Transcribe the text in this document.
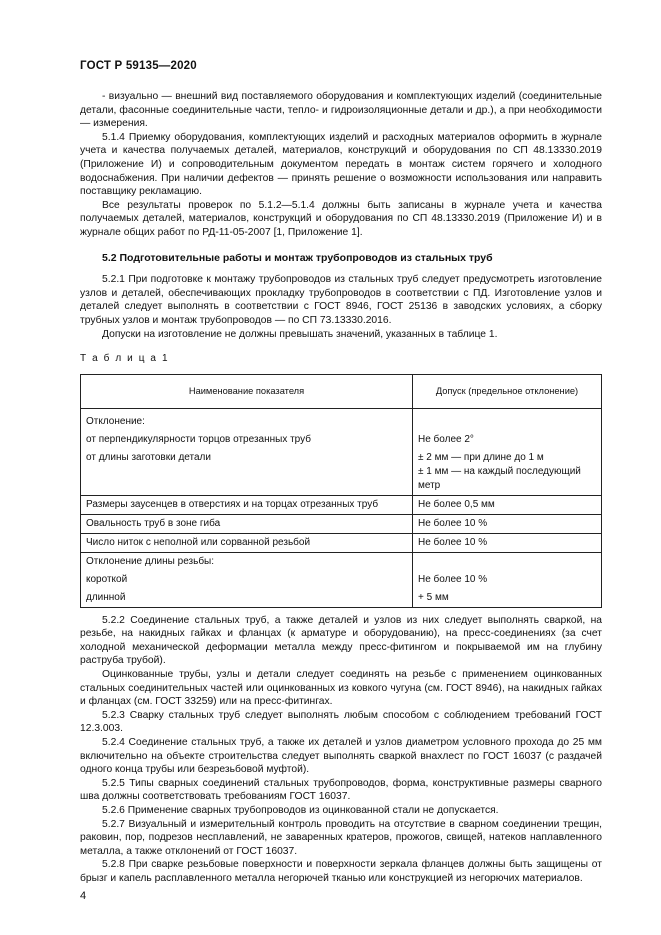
ГОСТ Р 59135—2020

- визуально — внешний вид поставляемого оборудования и комплектующих изделий (соединительные детали, фасонные соединительные части, тепло- и гидроизоляционные детали и др.), а при необходимости — измерения.

5.1.4 Приемку оборудования, комплектующих изделий и расходных материалов оформить в журнале учета и качества получаемых деталей, материалов, конструкций и оборудования по СП 48.13330.2019 (Приложение И) и сопроводительным документом передать в монтаж систем горячего и холодного водоснабжения. При наличии дефектов — принять решение о возможности использования или направить поставщику рекламацию.

Все результаты проверок по 5.1.2—5.1.4 должны быть записаны в журнале учета и качества получаемых деталей, материалов, конструкций и оборудования по СП 48.13330.2019 (Приложение И) и в журнале общих работ по РД-11-05-2007 [1, Приложение 1].

5.2 Подготовительные работы и монтаж трубопроводов из стальных труб

5.2.1 При подготовке к монтажу трубопроводов из стальных труб следует предусмотреть изготовление узлов и деталей, обеспечивающих прокладку трубопроводов в соответствии с ПД. Изготовление узлов и деталей следует выполнять в соответствии с ГОСТ 8946, ГОСТ 25136 в заводских условиях, а сборку трубных узлов и монтаж трубопроводов — по СП 73.13330.2016.

Допуски на изготовление не должны превышать значений, указанных в таблице 1.

Т а б л и ц а 1
Наименование показателя	Допуск (предельное отклонение)
Отклонение:	
от перпендикулярности торцов отрезанных труб	Не более 2°
от длины заготовки детали	± 2 мм — при длине до 1 м
± 1 мм — на каждый последующий метр

Размеры заусенцев в отверстиях и на торцах отрезанных труб	Не более 0,5 мм
Овальность труб в зоне гиба	Не более 10 %
Число ниток с неполной или сорванной резьбой	Не более 10 %
Отклонение длины резьбы:	
короткой	Не более 10 %
длинной	+ 5 мм

5.2.2 Соединение стальных труб, а также деталей и узлов из них следует выполнять сваркой, на резьбе, на накидных гайках и фланцах (к арматуре и оборудованию), на пресс-соединениях (за счет холодной механической деформации металла между пресс-фитингом и покрываемой им на глубину раструба трубой).

Оцинкованные трубы, узлы и детали следует соединять на резьбе с применением оцинкованных стальных соединительных частей или оцинкованных из ковкого чугуна (см. ГОСТ 8946), на накидных гайках и фланцах (см. ГОСТ 33259) или на пресс-фитингах.

5.2.3 Сварку стальных труб следует выполнять любым способом с соблюдением требований ГОСТ 12.3.003.

5.2.4 Соединение стальных труб, а также их деталей и узлов диаметром условного прохода до 25 мм включительно на объекте строительства следует выполнять сваркой внахлест по ГОСТ 16037 (с раздачей одного конца трубы или безрезьбовой муфтой).

5.2.5 Типы сварных соединений стальных трубопроводов, форма, конструктивные размеры сварного шва должны соответствовать требованиям ГОСТ 16037.

5.2.6 Применение сварных трубопроводов из оцинкованной стали не допускается.

5.2.7 Визуальный и измерительный контроль проводить на отсутствие в сварном соединении трещин, раковин, пор, подрезов несплавлений, не заваренных кратеров, прожогов, свищей, натеков наплавленного металла, а также отклонений от ГОСТ 16037.

5.2.8 При сварке резьбовые поверхности и поверхности зеркала фланцев должны быть защищены от брызг и капель расплавленного металла негорючей тканью или конструкцией из негорючих материалов.

4
